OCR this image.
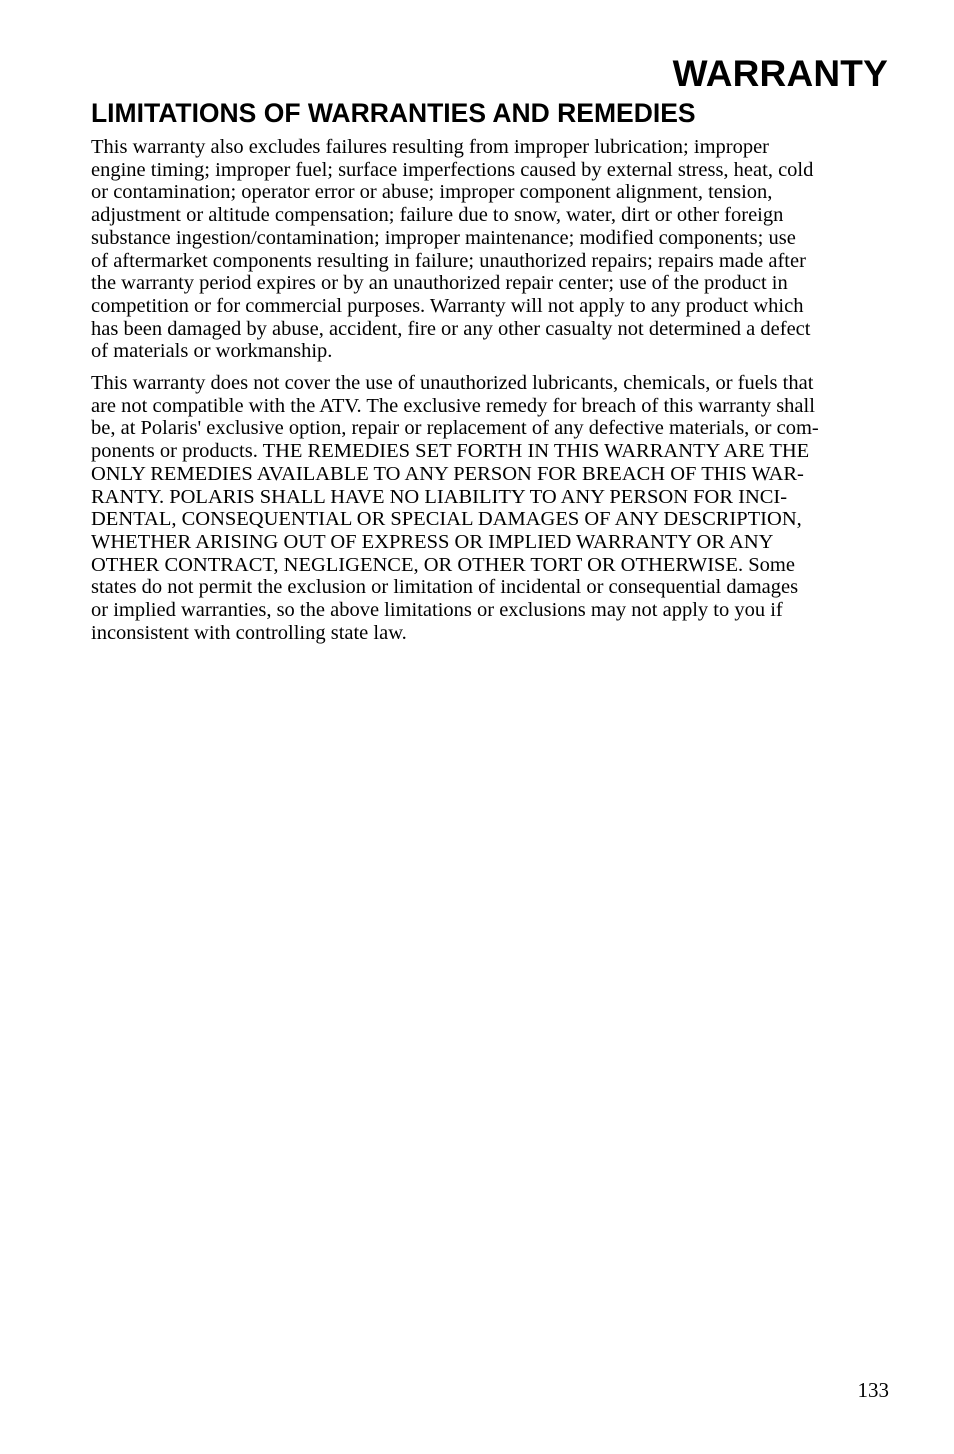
WARRANTY
LIMITATIONS OF WARRANTIES AND REMEDIES

This warranty also excludes failures resulting from improper lubrication; improper
engine timing; improper fuel; surface imperfections caused by external stress, heat, cold
or contamination; operator error or abuse; improper component alignment, tension,
adjustment or altitude compensation; failure due to snow, water, dirt or other foreign
substance ingestion/contamination; improper maintenance; modified components; use
of aftermarket components resulting in failure; unauthorized repairs; repairs made after
the warranty period expires or by an unauthorized repair center; use of the product in
competition or for commercial purposes. Warranty will not apply to any product which
has been damaged by abuse, accident, fire or any other casualty not determined a defect
of materials or workmanship.

This warranty does not cover the use of unauthorized lubricants, chemicals, or fuels that
are not compatible with the ATV. The exclusive remedy for breach of this warranty shall
be, at Polaris' exclusive option, repair or replacement of any defective materials, or com-
ponents or products. THE REMEDIES SET FORTH IN THIS WARRANTY ARE THE
ONLY REMEDIES AVAILABLE TO ANY PERSON FOR BREACH OF THIS WAR-
RANTY. POLARIS SHALL HAVE NO LIABILITY TO ANY PERSON FOR INCI-
DENTAL, CONSEQUENTIAL OR SPECIAL DAMAGES OF ANY DESCRIPTION,
WHETHER ARISING OUT OF EXPRESS OR IMPLIED WARRANTY OR ANY
OTHER CONTRACT, NEGLIGENCE, OR OTHER TORT OR OTHERWISE. Some
states do not permit the exclusion or limitation of incidental or consequential damages
or implied warranties, so the above limitations or exclusions may not apply to you if
inconsistent with controlling state law.

133
